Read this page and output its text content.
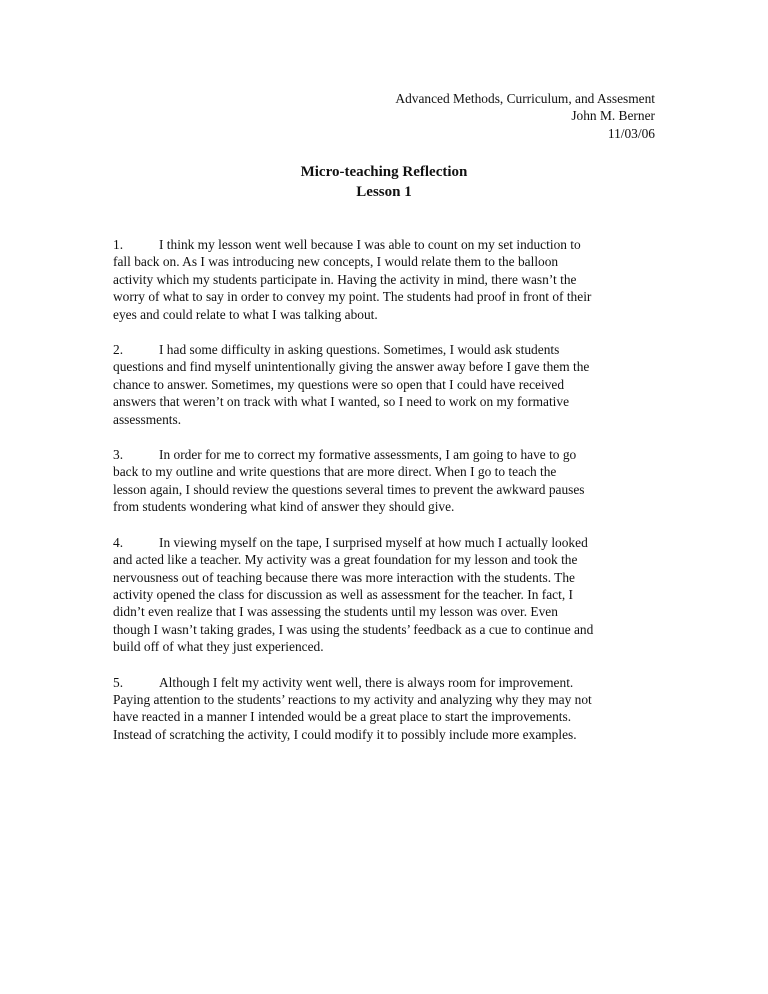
Advanced Methods, Curriculum, and Assesment
John M. Berner
11/03/06
Micro-teaching Reflection
Lesson 1
1.	I think my lesson went well because I was able to count on my set induction to
fall back on. As I was introducing new concepts, I would relate them to the balloon
activity which my students participate in. Having the activity in mind, there wasn’t the
worry of what to say in order to convey my point. The students had proof in front of their
eyes and could relate to what I was talking about.
2.	I had some difficulty in asking questions. Sometimes, I would ask students
questions and find myself unintentionally giving the answer away before I gave them the
chance to answer. Sometimes, my questions were so open that I could have received
answers that weren’t on track with what I wanted, so I need to work on my formative
assessments.
3.	In order for me to correct my formative assessments, I am going to have to go
back to my outline and write questions that are more direct. When I go to teach the
lesson again, I should review the questions several times to prevent the awkward pauses
from students wondering what kind of answer they should give.
4.	In viewing myself on the tape, I surprised myself at how much I actually looked
and acted like a teacher. My activity was a great foundation for my lesson and took the
nervousness out of teaching because there was more interaction with the students. The
activity opened the class for discussion as well as assessment for the teacher. In fact, I
didn’t even realize that I was assessing the students until my lesson was over. Even
though I wasn’t taking grades, I was using the students’ feedback as a cue to continue and
build off of what they just experienced.
5.	Although I felt my activity went well, there is always room for improvement.
Paying attention to the students’ reactions to my activity and analyzing why they may not
have reacted in a manner I intended would be a great place to start the improvements.
Instead of scratching the activity, I could modify it to possibly include more examples.
